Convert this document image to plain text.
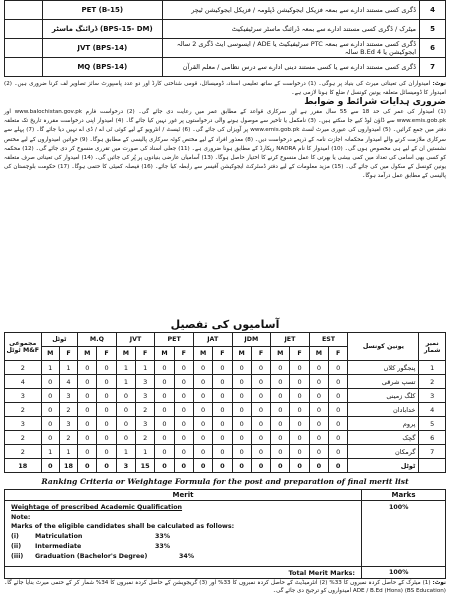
	PET (B-15)	ڈگری کسی مستند ادارے سے بمعہ فزیکل ایجوکیشن ڈپلومہ / فزیکل ایجوکیشن ٹیچر	4
	ڈرائنگ ماسٹر (BPS-15- DM)	میٹرک / ڈگری کسی مستند ادارے سے بمعہ ڈرائنگ ماسٹر سرٹیفیکیٹ	5
	JVT (BPS-14)	ڈگری کسی مستند ادارے سے بمعہ PTC سرٹیفیکیٹ یا ADE / ایسوسی ایٹ ڈگری 2 سالہ ایجوکیشن یا B.Ed 4 سالہ	6
	MQ (BPS-14)	ڈگری کسی مستند ادارے سے یا کسی مستند دینی ادارے سے درس نظامی / معلم القرآن	7
نوٹ: امیدواران کی تعیناتی میرٹ کی بنیاد پر ہوگی۔ (1) درخواست کے ساتھ تعلیمی اسناد، ڈومیسائل، قومی شناختی کارڈ اور دو عدد پاسپورٹ سائز تصاویر لف کرنا ضروری ہیں۔ (2) امیدوار کا ڈومیسائل متعلقہ یونین کونسل / ضلع کا ہونا لازمی ہے۔
ضروری ہدایات شرائط و ضوابط
(1) امیدوار کی عمر کی حد 18 سے 55 سال مقرر ہے اور سرکاری قواعد کے مطابق عمر میں رعایت دی جائے گی۔ (2) درخواست فارم www.balochistan.gov.pk اور www.emis.gob.pk سے ڈاؤن لوڈ کیے جا سکتے ہیں۔ (3) نامکمل یا تاخیر سے موصول ہونے والی درخواستوں پر غور نہیں کیا جائے گا۔ (4) امیدوار اپنی درخواست مقررہ تاریخ تک متعلقہ دفتر میں جمع کرائیں۔ (5) امیدواروں کی عبوری میرٹ لسٹ www.emis.gob.pk پر آویزاں کی جائے گی۔ (6) ٹیسٹ / انٹرویو کے لیے کوئی ٹی اے / ڈی اے نہیں دیا جائے گا۔ (7) پہلے سے سرکاری ملازمت کرنے والے امیدوار محکمانہ اجازت نامہ کے ذریعے درخواست دیں۔ (8) معذور افراد کے لیے مختص کوٹہ سرکاری پالیسی کے مطابق ہوگا۔ (9) خواتین امیدواروں کے لیے مختص نشستیں ان کے لیے ہی مخصوص ہوں گی۔ (10) امیدوار کا نام NADRA ریکارڈ کے مطابق ہونا ضروری ہے۔ (11) جعلی اسناد کی صورت میں تقرری منسوخ کر دی جائے گی۔ (12) محکمہ کو کسی بھی اسامی کی تعداد میں کمی بیشی یا بھرتی کا عمل منسوخ کرنے کا اختیار حاصل ہوگا۔ (13) آسامیاں عارضی بنیادوں پر پُر کی جائیں گی۔ (14) امیدوار کی تعیناتی صرف متعلقہ یونین کونسل کے سکول میں کی جائے گی۔ (15) مزید معلومات کے لیے دفتر ڈسٹرکٹ ایجوکیشن آفیسر سے رابطہ کیا جائے۔ (16) فیصلہ کمیٹی کا حتمی ہوگا۔ (17) حکومت بلوچستان کی پالیسی کے مطابق عمل درآمد ہوگا۔
آسامیوں کی تفصیل
مجموعی ٹوٹل M&F	ٹوٹل		M.Q		JVT		PET		JAT		JDM		JET		EST		یونین کونسل	نمبر شمار
	M	F	M	F	M	F	M	F	M	F	M	F	M	F	M	F		
2	1	1	0	0	1	1	0	0	0	0	0	0	0	0	0	0	پنجگور کلاں	1
4	0	4	0	0	1	3	0	0	0	0	0	0	0	0	0	0	تسپ شرقی	2
3	0	3	0	0	0	3	0	0	0	0	0	0	0	0	0	0	کلگ زمینی	3
2	0	2	0	0	0	2	0	0	0	0	0	0	0	0	0	0	خدابادان	4
3	0	3	0	0	0	3	0	0	0	0	0	0	0	0	0	0	پروم	5
2	0	2	0	0	0	2	0	0	0	0	0	0	0	0	0	0	گچک	6
2	1	1	0	0	1	1	0	0	0	0	0	0	0	0	0	0	گرمکان	7
18	0	18	0	0	3	15	0	0	0	0	0	0	0	0	0	0	ٹوٹل	
Ranking Criteria or Weightage Formula for the post and preparation of final merit list
Merit	Marks
Weightage of prescribed Academic Qualification	100%
Note:
Marks of the eligible candidates shall be calculated as follows:
(i)	Matriculation	33%
(ii) Intermediate	33%
(iii) Graduation (Bachelor's Degree)	34%
Total Merit Marks:	100%
نوٹ: (1) میٹرک کے حاصل کردہ نمبروں کا 33% (2) انٹرمیڈیٹ کے حاصل کردہ نمبروں کا 33% اور (3) گریجویشن کے حاصل کردہ نمبروں کا 34% شمار کر کے حتمی میرٹ بنایا جائے گا۔ ADE / B.Ed (Hons) (BS Education) امیدواروں کو ترجیح دی جائے گی۔
